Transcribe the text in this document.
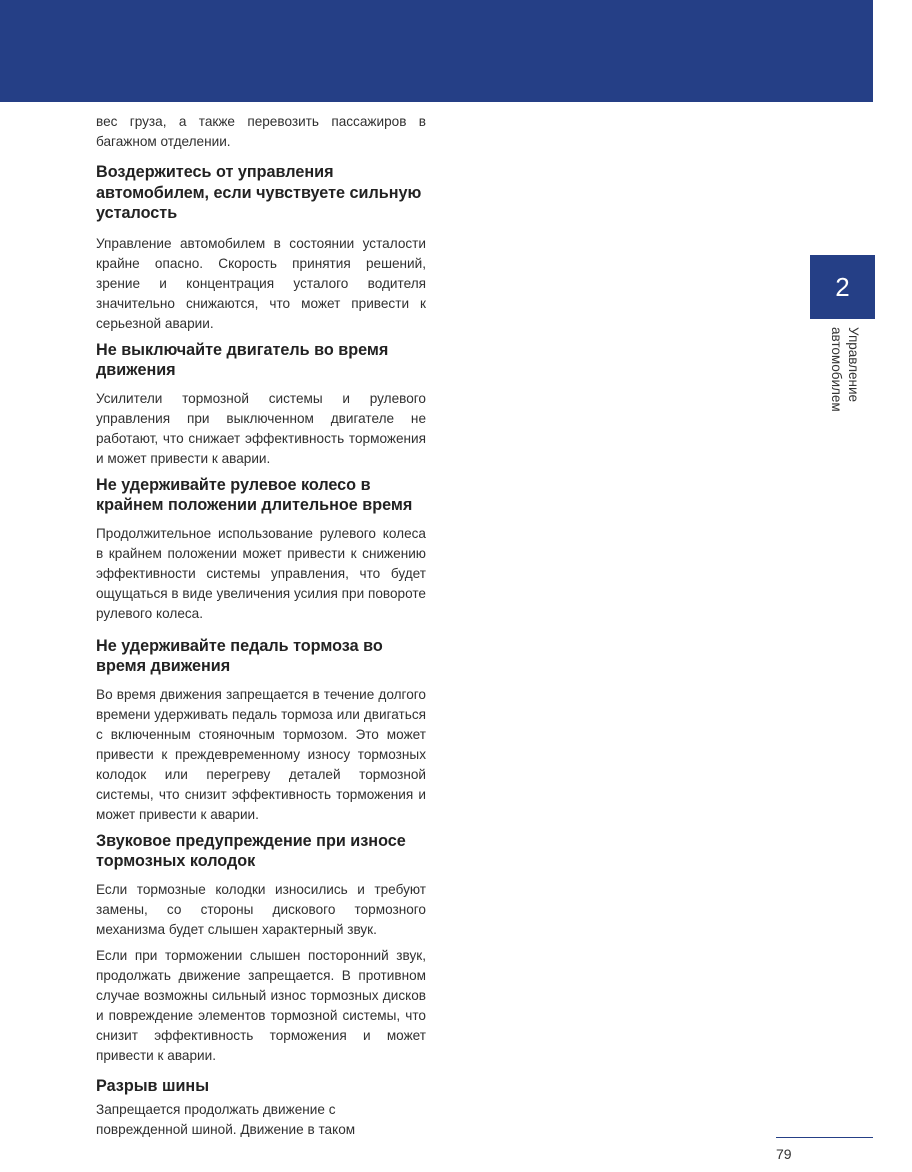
вес груза, а также перевозить пассажиров в багажном отделении.

Воздержитесь от управления автомобилем, если чувствуете сильную усталость

Управление автомобилем в состоянии усталости крайне опасно. Скорость принятия решений, зрение и концентрация усталого водителя значительно снижаются, что может привести к серьезной аварии.

Не выключайте двигатель во время движения

Усилители тормозной системы и рулевого управления при выключенном двигателе не работают, что снижает эффективность торможения и может привести к аварии.

Не удерживайте рулевое колесо в крайнем положении длительное время

Продолжительное использование рулевого колеса в крайнем положении может привести к снижению эффективности системы управления, что будет ощущаться в виде увеличения усилия при повороте рулевого колеса.

Не удерживайте педаль тормоза во время движения

Во время движения запрещается в течение долгого времени удерживать педаль тормоза или двигаться с включенным стояночным тормозом. Это может привести к преждевременному износу тормозных колодок или перегреву деталей тормозной системы, что снизит эффективность торможения и может привести к аварии.

Звуковое предупреждение при износе тормозных колодок

Если тормозные колодки износились и требуют замены, со стороны дискового тормозного механизма будет слышен характерный звук.

Если при торможении слышен посторонний звук, продолжать движение запрещается. В противном случае возможны сильный износ тормозных дисков и повреждение элементов тормозной системы, что снизит эффективность торможения и может привести к аварии.

Разрыв шины

Запрещается продолжать движение с поврежденной шиной. Движение в таком

2
Управление
автомобилем
79
